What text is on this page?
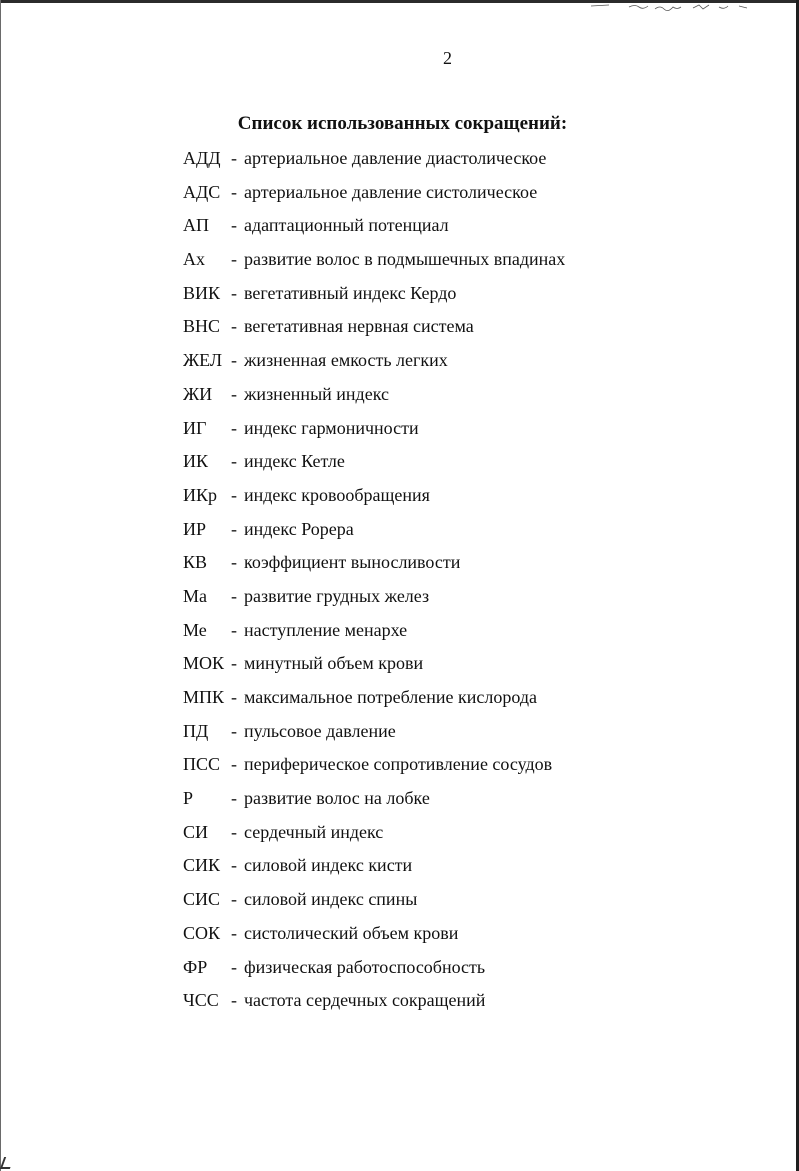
2
Список использованных сокращений:
АДД - артериальное давление диастолическое
АДС - артериальное давление систолическое
АП - адаптационный потенциал
Ах - развитие волос в подмышечных впадинах
ВИК - вегетативный индекс Кердо
ВНС - вегетативная нервная система
ЖЕЛ - жизненная емкость легких
ЖИ - жизненный индекс
ИГ - индекс гармоничности
ИК - индекс Кетле
ИКр - индекс кровообращения
ИР - индекс Рорера
КВ - коэффициент выносливости
Ма - развитие грудных желез
Ме - наступление менархе
МОК - минутный объем крови
МПК - максимальное потребление кислорода
ПД - пульсовое давление
ПСС - периферическое сопротивление сосудов
Р - развитие волос на лобке
СИ - сердечный индекс
СИК - силовой индекс кисти
СИС - силовой индекс спины
СОК - систолический объем крови
ФР - физическая работоспособность
ЧСС - частота сердечных сокращений
